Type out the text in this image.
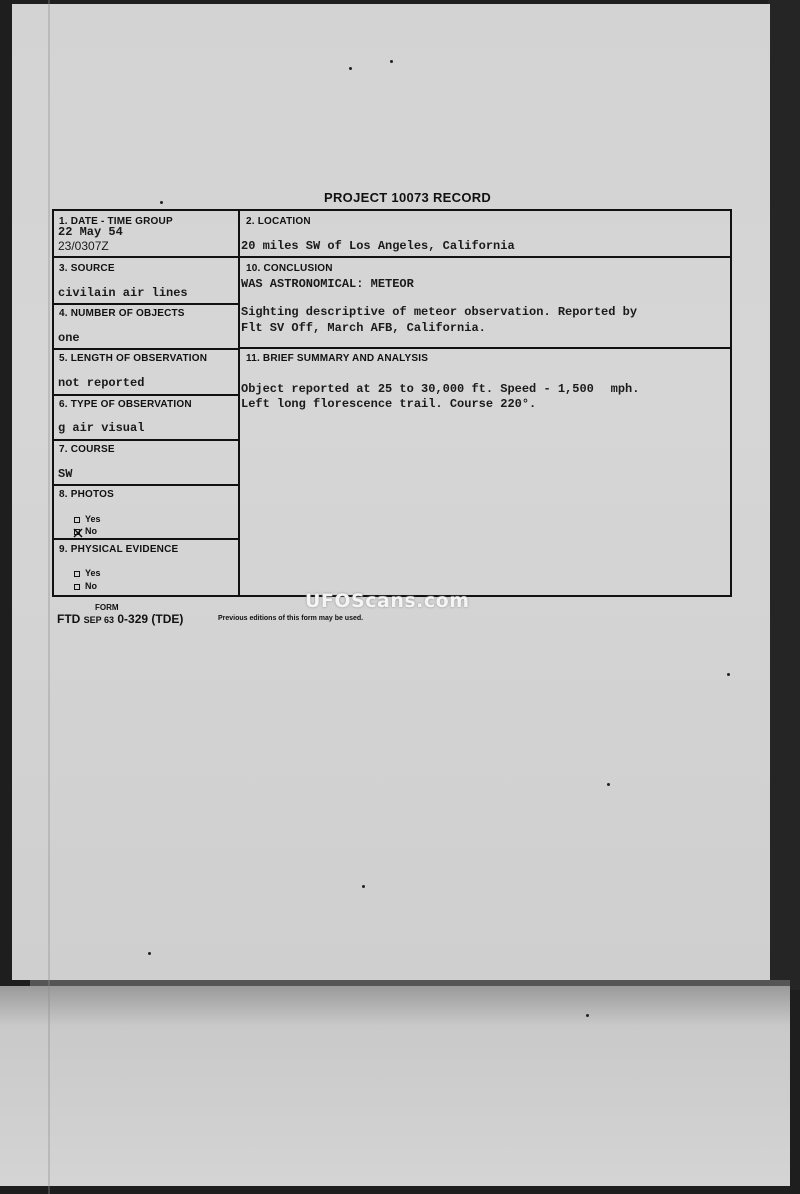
PROJECT 10073 RECORD
1. DATE - TIME GROUP
22 May 54
23/0307Z
2. LOCATION
20 miles SW of Los Angeles, California
3. SOURCE
civilain air lines
10. CONCLUSION
WAS ASTRONOMICAL: METEOR
Sighting descriptive of meteor observation. Reported by
Flt SV Off, March AFB, California.
4. NUMBER OF OBJECTS
one
5. LENGTH OF OBSERVATION
not reported
11. BRIEF SUMMARY AND ANALYSIS
Object reported at 25 to 30,000 ft. Speed - 1,500 mph.
Left long florescence trail. Course 220°.
6. TYPE OF OBSERVATION
g air visual
7. COURSE
SW
8. PHOTOS
Yes
No
9. PHYSICAL EVIDENCE
Yes
No
FORM
FTD SEP 63 0-329 (TDE)	Previous editions of this form may be used.
UFOScans.com
